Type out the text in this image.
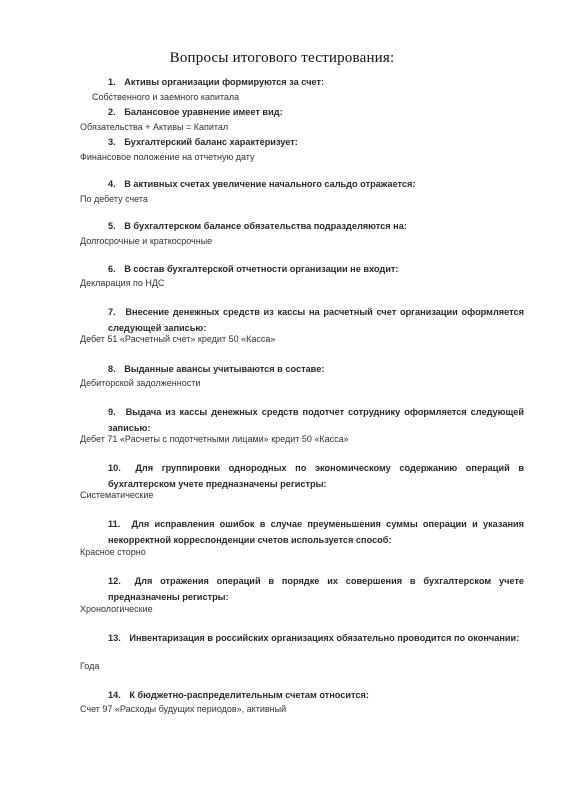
Вопросы итогового тестирования:
1. Активы организации формируются за счет:
Собственного и заемного капитала
2. Балансовое уравнение имеет вид:
Обязательства + Активы = Капитал
3. Бухгалтерский баланс характеризует:
Финансовое положение на отчетную дату
4. В активных счетах увеличение начального сальдо отражается:
По дебету счета
5. В бухгалтерском балансе обязательства подразделяются на:
Долгосрочные и краткосрочные
6. В состав бухгалтерской отчетности организации не входит:
Декларация по НДС
7. Внесение денежных средств из кассы на расчетный счет организации оформляется следующей записью:
Дебет 51 «Расчетный счет» кредит 50 «Касса»
8. Выданные авансы учитываются в составе:
Дебиторской задолженности
9. Выдача из кассы денежных средств подотчет сотруднику оформляется следующей записью:
Дебет 71 «Расчеты с подотчетными лицами» кредит 50 «Касса»
10. Для группировки однородных по экономическому содержанию операций в бухгалтерском учете предназначены регистры:
Систематические
11. Для исправления ошибок в случае преуменьшения суммы операции и указания некорректной корреспонденции счетов используется способ:
Красное сторно
12. Для отражения операций в порядке их совершения в бухгалтерском учете предназначены регистры:
Хронологические
13. Инвентаризация в российских организациях обязательно проводится по окончании:
Года
14. К бюджетно-распределительным счетам относится:
Счет 97 «Расходы будущих периодов», активный
